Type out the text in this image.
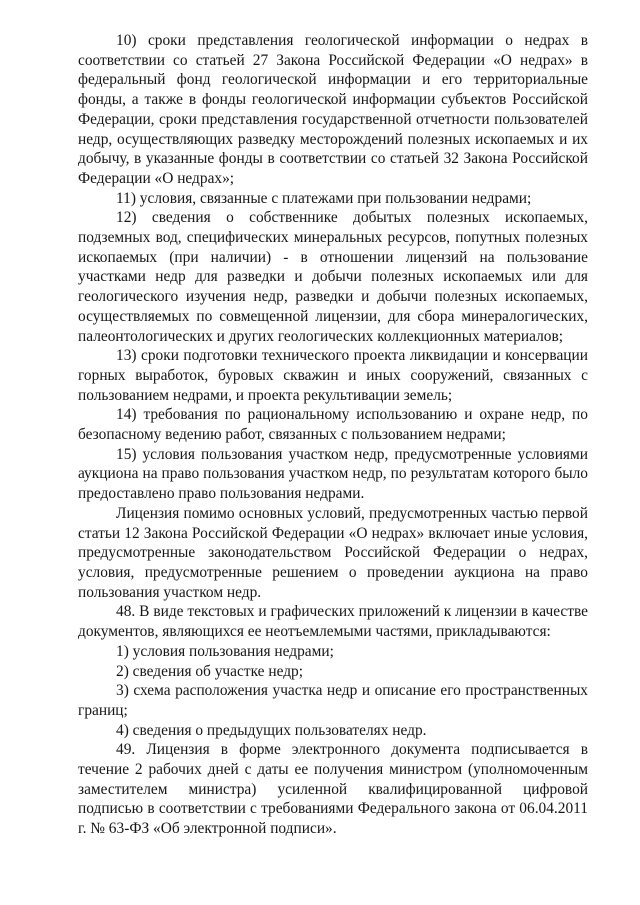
10) сроки представления геологической информации о недрах в соответствии со статьей 27 Закона Российской Федерации «О недрах» в федеральный фонд геологической информации и его территориальные фонды, а также в фонды геологической информации субъектов Российской Федерации, сроки представления государственной отчетности пользователей недр, осуществляющих разведку месторождений полезных ископаемых и их добычу, в указанные фонды в соответствии со статьей 32 Закона Российской Федерации «О недрах»;

11) условия, связанные с платежами при пользовании недрами;

12) сведения о собственнике добытых полезных ископаемых, подземных вод, специфических минеральных ресурсов, попутных полезных ископаемых (при наличии) - в отношении лицензий на пользование участками недр для разведки и добычи полезных ископаемых или для геологического изучения недр, разведки и добычи полезных ископаемых, осуществляемых по совмещенной лицензии, для сбора минералогических, палеонтологических и других геологических коллекционных материалов;

13) сроки подготовки технического проекта ликвидации и консервации горных выработок, буровых скважин и иных сооружений, связанных с пользованием недрами, и проекта рекультивации земель;

14) требования по рациональному использованию и охране недр, по безопасному ведению работ, связанных с пользованием недрами;

15) условия пользования участком недр, предусмотренные условиями аукциона на право пользования участком недр, по результатам которого было предоставлено право пользования недрами.

Лицензия помимо основных условий, предусмотренных частью первой статьи 12 Закона Российской Федерации «О недрах» включает иные условия, предусмотренные законодательством Российской Федерации о недрах, условия, предусмотренные решением о проведении аукциона на право пользования участком недр.

48. В виде текстовых и графических приложений к лицензии в качестве документов, являющихся ее неотъемлемыми частями, прикладываются:

1) условия пользования недрами;

2) сведения об участке недр;

3) схема расположения участка недр и описание его пространственных границ;

4) сведения о предыдущих пользователях недр.

49. Лицензия в форме электронного документа подписывается в течение 2 рабочих дней с даты ее получения министром (уполномоченным заместителем министра) усиленной квалифицированной цифровой подписью в соответствии с требованиями Федерального закона от 06.04.2011 г. № 63-ФЗ «Об электронной подписи».
